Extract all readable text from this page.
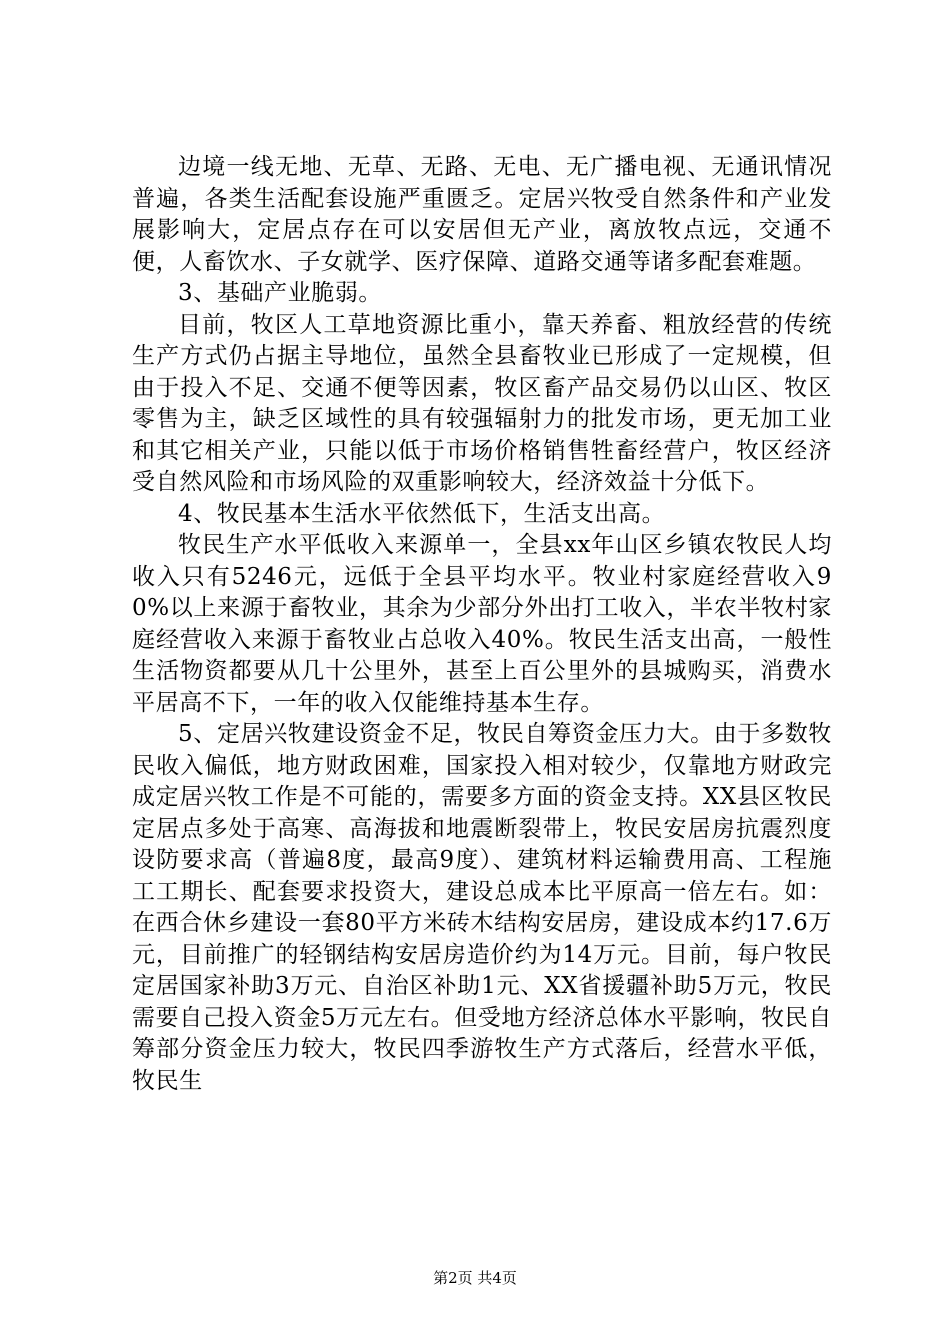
边境一线无地、无草、无路、无电、无广播电视、无通讯情况普遍，各类生活配套设施严重匮乏。定居兴牧受自然条件和产业发展影响大，定居点存在可以安居但无产业，离放牧点远，交通不便，人畜饮水、子女就学、医疗保障、道路交通等诸多配套难题。

3、基础产业脆弱。

目前，牧区人工草地资源比重小，靠天养畜、粗放经营的传统生产方式仍占据主导地位，虽然全县畜牧业已形成了一定规模，但由于投入不足、交通不便等因素，牧区畜产品交易仍以山区、牧区零售为主，缺乏区域性的具有较强辐射力的批发市场，更无加工业和其它相关产业，只能以低于市场价格销售牲畜经营户，牧区经济受自然风险和市场风险的双重影响较大，经济效益十分低下。

4、牧民基本生活水平依然低下，生活支出高。

牧民生产水平低收入来源单一，全县xx年山区乡镇农牧民人均收入只有5246元，远低于全县平均水平。牧业村家庭经营收入90%以上来源于畜牧业，其余为少部分外出打工收入，半农半牧村家庭经营收入来源于畜牧业占总收入40%。牧民生活支出高，一般性生活物资都要从几十公里外，甚至上百公里外的县城购买，消费水平居高不下，一年的收入仅能维持基本生存。

5、定居兴牧建设资金不足，牧民自筹资金压力大。由于多数牧民收入偏低，地方财政困难，国家投入相对较少，仅靠地方财政完成定居兴牧工作是不可能的，需要多方面的资金支持。XX县区牧民定居点多处于高寒、高海拔和地震断裂带上，牧民安居房抗震烈度设防要求高（普遍8度，最高9度）、建筑材料运输费用高、工程施工工期长、配套要求投资大，建设总成本比平原高一倍左右。如：在西合休乡建设一套80平方米砖木结构安居房，建设成本约17.6万元，目前推广的轻钢结构安居房造价约为14万元。目前，每户牧民定居国家补助3万元、自治区补助1元、XX省援疆补助5万元，牧民需要自己投入资金5万元左右。但受地方经济总体水平影响，牧民自筹部分资金压力较大，牧民四季游牧生产方式落后，经营水平低，牧民生

第2页 共4页
